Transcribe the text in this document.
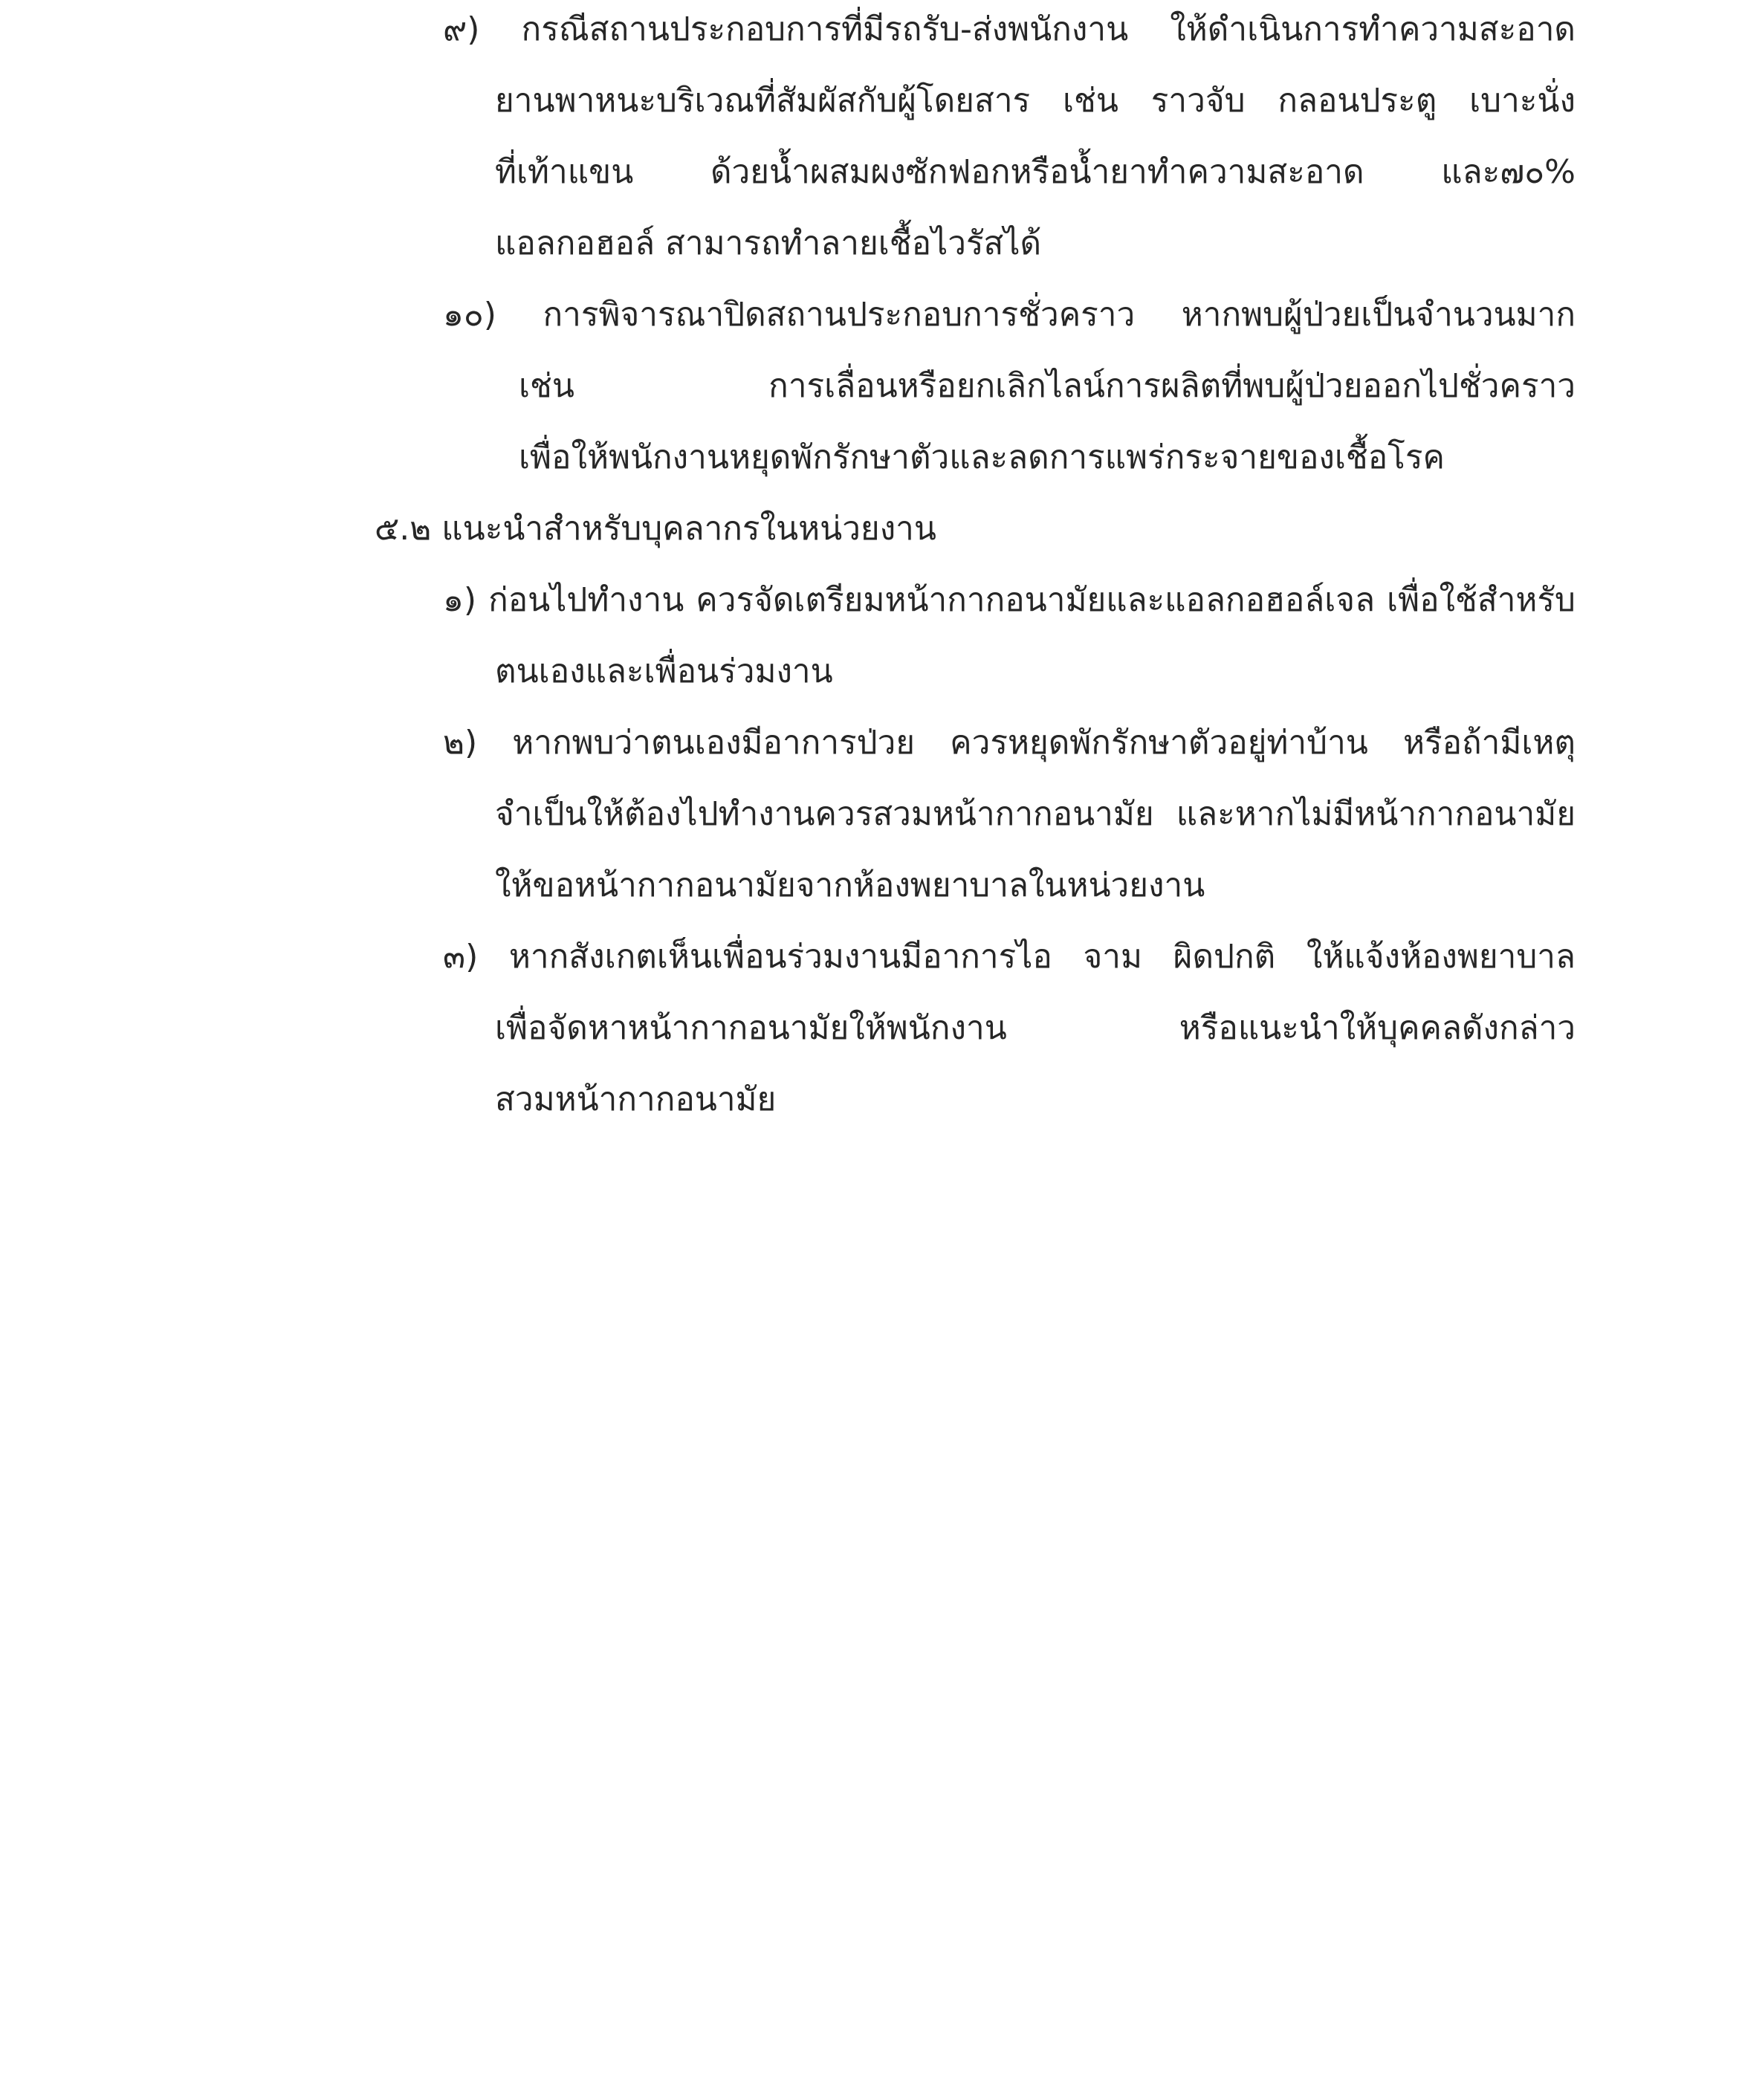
๙) กรณีสถานประกอบการที่มีรถรับ-ส่งพนักงาน ให้ดำเนินการทำความสะอาด
ยานพาหนะบริเวณที่สัมผัสกับผู้โดยสาร เช่น ราวจับ กลอนประตู เบาะนั่ง
ที่เท้าแขน ด้วยน้ำผสมผงซักฟอกหรือน้ำยาทำความสะอาด และ๗๐%
แอลกอฮอล์ สามารถทำลายเชื้อไวรัสได้
๑๐) การพิจารณาปิดสถานประกอบการชั่วคราว หากพบผู้ป่วยเป็นจำนวนมาก
เช่น	การเลื่อนหรือยกเลิกไลน์การผลิตที่พบผู้ป่วยออกไปชั่วคราว
เพื่อให้พนักงานหยุดพักรักษาตัวและลดการแพร่กระจายของเชื้อโรค
๕.๒ แนะนำสำหรับบุคลากรในหน่วยงาน
๑) ก่อนไปทำงาน ควรจัดเตรียมหน้ากากอนามัยและแอลกอฮอล์เจล เพื่อใช้สำหรับ
ตนเองและเพื่อนร่วมงาน
๒) หากพบว่าตนเองมีอาการป่วย ควรหยุดพักรักษาตัวอยู่ท่าบ้าน หรือถ้ามีเหตุ
จำเป็นให้ต้องไปทำงานควรสวมหน้ากากอนามัย และหากไม่มีหน้ากากอนามัย
ให้ขอหน้ากากอนามัยจากห้องพยาบาลในหน่วยงาน
๓) หากสังเกตเห็นเพื่อนร่วมงานมีอาการไอ จาม ผิดปกติ ให้แจ้งห้องพยาบาล
เพื่อจัดหาหน้ากากอนามัยให้พนักงาน	หรือแนะนำให้บุคคลดังกล่าว
สวมหน้ากากอนามัย
